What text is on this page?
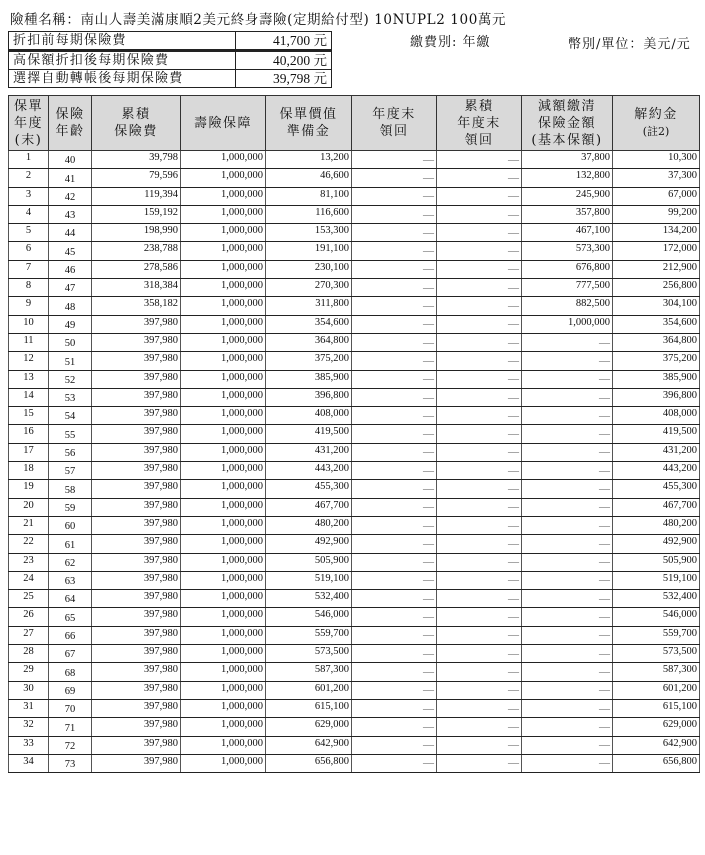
險種名稱：南山人壽美滿康順2美元終身壽險(定期給付型) 10NUPL2 100萬元
折扣前每期保險費	41,700 元
高保額折扣後每期保險費	40,200 元
選擇自動轉帳後每期保險費	39,798 元
繳費別: 年繳	幣別/單位：美元/元
保單
年度
(末)

保險
年齡

累積
保險費

壽險保障

保單價值
準備金

年度末
領回

累積
年度末
領回

減額繳清
保險金額
(基本保額)

解約金
(註2)

1	40	39,798	1,000,000	13,200	—	—	37,800	10,300
2	41	79,596	1,000,000	46,600	—	—	132,800	37,300
3	42	119,394	1,000,000	81,100	—	—	245,900	67,000
4	43	159,192	1,000,000	116,600	—	—	357,800	99,200
5	44	198,990	1,000,000	153,300	—	—	467,100	134,200
6	45	238,788	1,000,000	191,100	—	—	573,300	172,000
7	46	278,586	1,000,000	230,100	—	—	676,800	212,900
8	47	318,384	1,000,000	270,300	—	—	777,500	256,800
9	48	358,182	1,000,000	311,800	—	—	882,500	304,100
10	49	397,980	1,000,000	354,600	—	—	1,000,000	354,600
11	50	397,980	1,000,000	364,800	—	—	—	364,800
12	51	397,980	1,000,000	375,200	—	—	—	375,200
13	52	397,980	1,000,000	385,900	—	—	—	385,900
14	53	397,980	1,000,000	396,800	—	—	—	396,800
15	54	397,980	1,000,000	408,000	—	—	—	408,000
16	55	397,980	1,000,000	419,500	—	—	—	419,500
17	56	397,980	1,000,000	431,200	—	—	—	431,200
18	57	397,980	1,000,000	443,200	—	—	—	443,200
19	58	397,980	1,000,000	455,300	—	—	—	455,300
20	59	397,980	1,000,000	467,700	—	—	—	467,700
21	60	397,980	1,000,000	480,200	—	—	—	480,200
22	61	397,980	1,000,000	492,900	—	—	—	492,900
23	62	397,980	1,000,000	505,900	—	—	—	505,900
24	63	397,980	1,000,000	519,100	—	—	—	519,100
25	64	397,980	1,000,000	532,400	—	—	—	532,400
26	65	397,980	1,000,000	546,000	—	—	—	546,000
27	66	397,980	1,000,000	559,700	—	—	—	559,700
28	67	397,980	1,000,000	573,500	—	—	—	573,500
29	68	397,980	1,000,000	587,300	—	—	—	587,300
30	69	397,980	1,000,000	601,200	—	—	—	601,200
31	70	397,980	1,000,000	615,100	—	—	—	615,100
32	71	397,980	1,000,000	629,000	—	—	—	629,000
33	72	397,980	1,000,000	642,900	—	—	—	642,900
34	73	397,980	1,000,000	656,800	—	—	—	656,800
